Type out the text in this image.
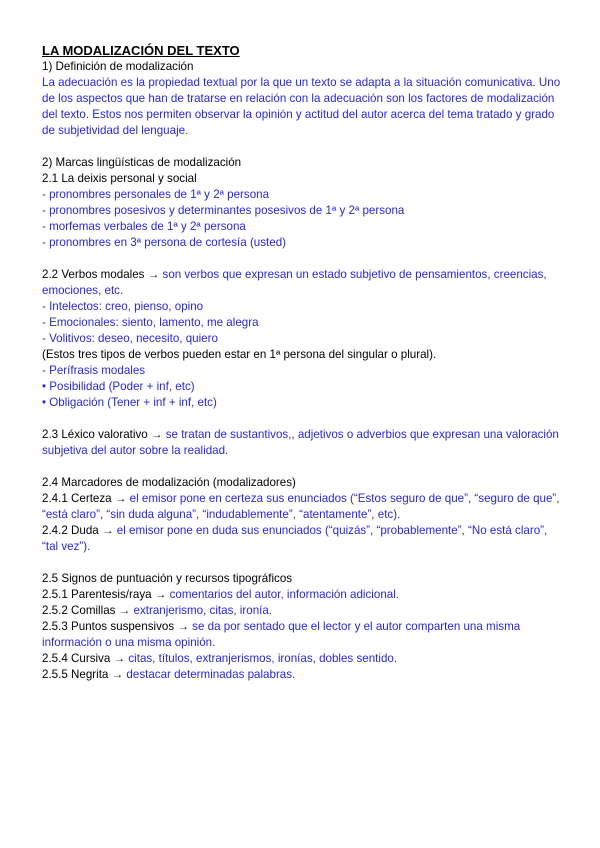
LA MODALIZACIÓN DEL TEXTO
1) Definición de modalización
La adecuación es la propiedad textual por la que un texto se adapta a la situación comunicativa. Uno de los aspectos que han de tratarse en relación con la adecuación son los factores de modalización del texto. Estos nos permiten observar la opinión y actitud del autor acerca del tema tratado y grado de subjetividad del lenguaje.
2) Marcas lingüísticas de modalización
2.1 La deixis personal y social
- pronombres personales de 1ª y 2ª persona
- pronombres posesivos y determinantes posesivos de 1ª y 2ª persona
- morfemas verbales de 1ª y 2ª persona
- pronombres en 3ª persona de cortesía (usted)
2.2 Verbos modales → son verbos que expresan un estado subjetivo de pensamientos, creencias, emociones, etc.
- Intelectos: creo, pienso, opino
- Emocionales: siento, lamento, me alegra
- Volitivos: deseo, necesito, quiero
(Estos tres tipos de verbos pueden estar en 1ª persona del singular o plural).
- Perífrasis modales
• Posibilidad (Poder + inf, etc)
• Obligación (Tener + inf + inf, etc)
2.3 Léxico valorativo → se tratan de sustantivos,, adjetivos o adverbios que expresan una valoración subjetiva del autor sobre la realidad.
2.4 Marcadores de modalización (modalizadores)
2.4.1 Certeza → el emisor pone en certeza sus enunciados (“Estos seguro de que”, “seguro de que”, “está claro”, “sin duda alguna”, “indudablemente”, “atentamente”, etc).
2.4.2 Duda → el emisor pone en duda sus enunciados (“quizás”, “probablemente”, “No está claro”, “tal vez”).
2.5 Signos de puntuación y recursos tipográficos
2.5.1 Parentesis/raya → comentarios del autor, información adicional.
2.5.2 Comillas → extranjerismo, citas, ironía.
2.5.3 Puntos suspensivos → se da por sentado que el lector y el autor comparten una misma información o una misma opinión.
2.5.4 Cursiva → citas, títulos, extranjerismos, ironías, dobles sentido.
2.5.5 Negrita → destacar determinadas palabras.
